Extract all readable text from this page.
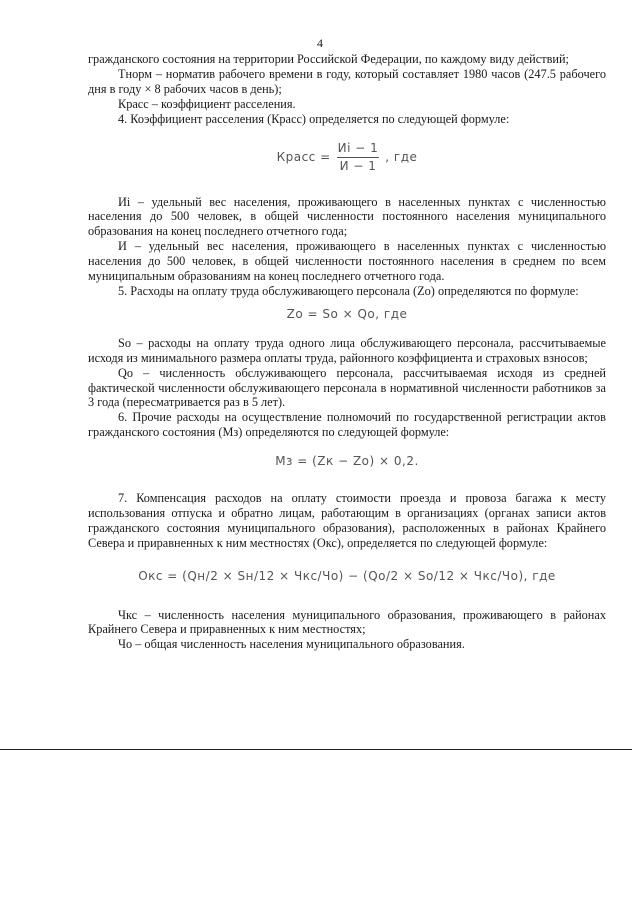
4

гражданского состояния на территории Российской Федерации, по каждому виду действий;

Тнорм – норматив рабочего времени в году, который составляет 1980 часов (247.5 рабочего дня в году × 8 рабочих часов в день);

Красс – коэффициент расселения.

4. Коэффициент расселения (Красс) определяется по следующей формуле:

Красс = $\frac{Иi - 1}{И - 1}$ , где

Иi – удельный вес населения, проживающего в населенных пунктах с численностью населения до 500 человек, в общей численности постоянного населения муниципального образования на конец последнего отчетного года;

И – удельный вес населения, проживающего в населенных пунктах с численностью населения до 500 человек, в общей численности постоянного населения в среднем по всем муниципальным образованиям на конец последнего отчетного года.

5. Расходы на оплату труда обслуживающего персонала (Zo) определяются по формуле:

Zo = So × Qo, где

So – расходы на оплату труда одного лица обслуживающего персонала, рассчитываемые исходя из минимального размера оплаты труда, районного коэффициента и страховых взносов;

Qo – численность обслуживающего персонала, рассчитываемая исходя из средней фактической численности обслуживающего персонала в нормативной численности работников за 3 года (пересматривается раз в 5 лет).

6. Прочие расходы на осуществление полномочий по государственной регистрации актов гражданского состояния (Мз) определяются по следующей формуле:

Мз = (Zк − Zо) × 0,2.

7. Компенсация расходов на оплату стоимости проезда и провоза багажа к месту использования отпуска и обратно лицам, работающим в организациях (органах записи актов гражданского состояния муниципального образования), расположенных в районах Крайнего Севера и приравненных к ним местностях (Окс), определяется по следующей формуле:

Окс = (Qн/2 × Sн/12 × Чкс/Чо) − (Qо/2 × Sо/12 × Чкс/Чо), где

Чкс – численность населения муниципального образования, проживающего в районах Крайнего Севера и приравненных к ним местностях;

Чо – общая численность населения муниципального образования.
